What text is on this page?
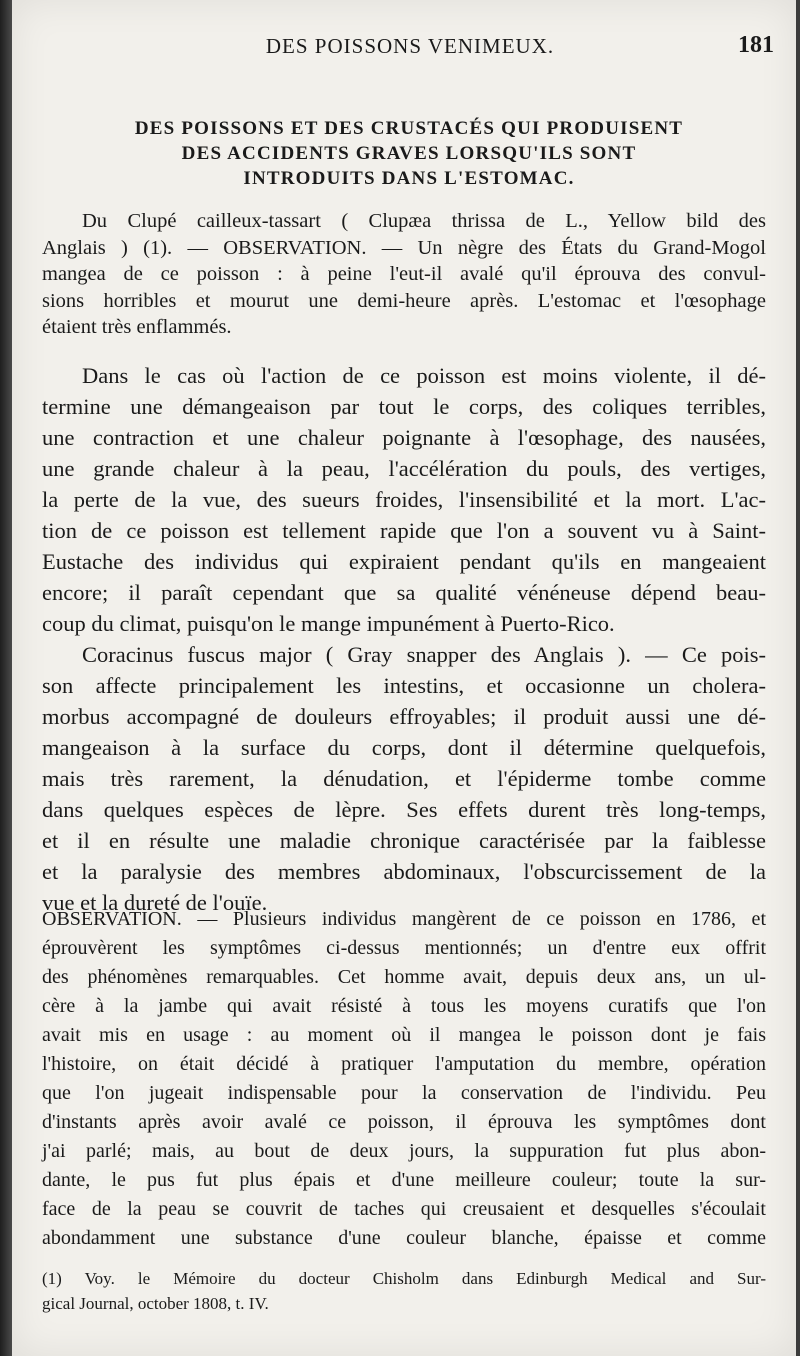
DES POISSONS VENIMEUX.	181
DES POISSONS ET DES CRUSTACÉS QUI PRODUISENT
DES ACCIDENTS GRAVES LORSQU'ILS SONT
INTRODUITS DANS L'ESTOMAC.
Du Clupé cailleux-tassart ( Clupæa thrissa de L., Yellow bild des
Anglais ) (1). — OBSERVATION. — Un nègre des États du Grand-Mogol
mangea de ce poisson : à peine l'eut-il avalé qu'il éprouva des convul-
sions horribles et mourut une demi-heure après. L'estomac et l'œsophage
étaient très enflammés.
Dans le cas où l'action de ce poisson est moins violente, il dé-
termine une démangeaison par tout le corps, des coliques terribles,
une contraction et une chaleur poignante à l'œsophage, des nausées,
une grande chaleur à la peau, l'accélération du pouls, des vertiges,
la perte de la vue, des sueurs froides, l'insensibilité et la mort. L'ac-
tion de ce poisson est tellement rapide que l'on a souvent vu à Saint-
Eustache des individus qui expiraient pendant qu'ils en mangeaient
encore; il paraît cependant que sa qualité vénéneuse dépend beau-
coup du climat, puisqu'on le mange impunément à Puerto-Rico.
Coracinus fuscus major ( Gray snapper des Anglais ). — Ce pois-
son affecte principalement les intestins, et occasionne un cholera-
morbus accompagné de douleurs effroyables; il produit aussi une dé-
mangeaison à la surface du corps, dont il détermine quelquefois,
mais très rarement, la dénudation, et l'épiderme tombe comme
dans quelques espèces de lèpre. Ses effets durent très long-temps,
et il en résulte une maladie chronique caractérisée par la faiblesse
et la paralysie des membres abdominaux, l'obscurcissement de la
vue et la dureté de l'ouïe.
OBSERVATION. — Plusieurs individus mangèrent de ce poisson en 1786, et
éprouvèrent les symptômes ci-dessus mentionnés; un d'entre eux offrit
des phénomènes remarquables. Cet homme avait, depuis deux ans, un ul-
cère à la jambe qui avait résisté à tous les moyens curatifs que l'on
avait mis en usage : au moment où il mangea le poisson dont je fais
l'histoire, on était décidé à pratiquer l'amputation du membre, opération
que l'on jugeait indispensable pour la conservation de l'individu. Peu
d'instants après avoir avalé ce poisson, il éprouva les symptômes dont
j'ai parlé; mais, au bout de deux jours, la suppuration fut plus abon-
dante, le pus fut plus épais et d'une meilleure couleur; toute la sur-
face de la peau se couvrit de taches qui creusaient et desquelles s'écoulait
abondamment une substance d'une couleur blanche, épaisse et comme
(1) Voy. le Mémoire du docteur Chisholm dans Edinburgh Medical and Sur-
gical Journal, october 1808, t. IV.
